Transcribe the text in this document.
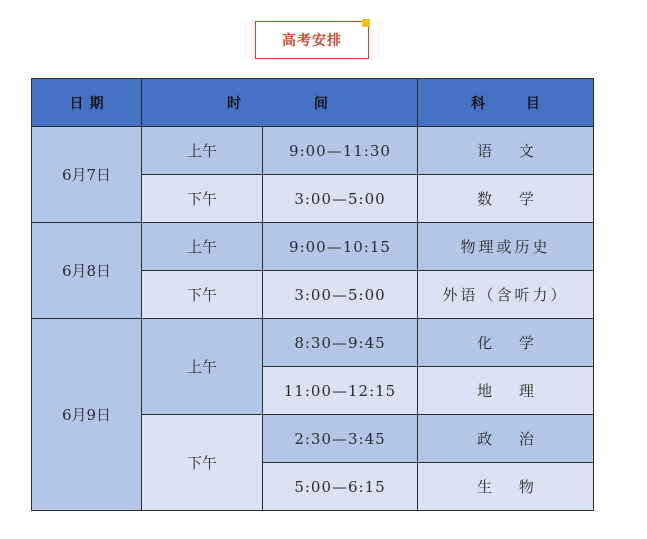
高考安排
日期	时 间		科 目
6月7日	上午	9:00—11:30	语 文
	下午	3:00—5:00	数 学
6月8日	上午	9:00—10:15	物理或历史
	下午	3:00—5:00	外语（含听力）
6月9日	上午	8:30—9:45	化 学
		11:00—12:15	地 理
	下午	2:30—3:45	政 治
		5:00—6:15	生 物
